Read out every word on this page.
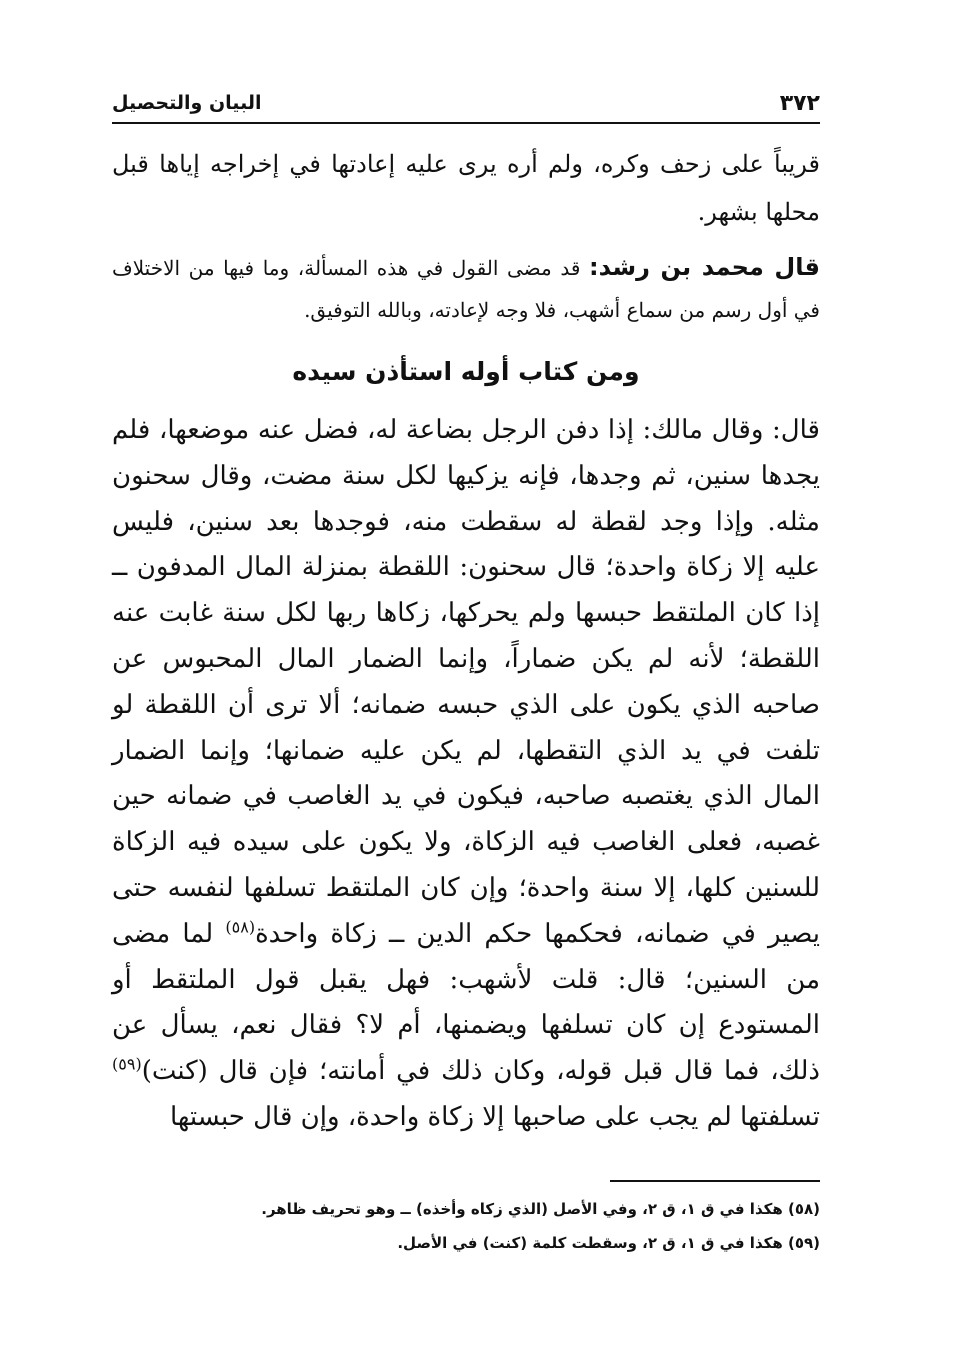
٣٧٢
البيان والتحصيل

قريباً على زحف وكره، ولم أره يرى عليه إعادتها في إخراجه إياها قبل محلها بشهر.

قال محمد بن رشد: قد مضى القول في هذه المسألة، وما فيها من الاختلاف في أول رسم من سماع أشهب، فلا وجه لإعادته، وبالله التوفيق.

ومن كتاب أوله استأذن سيده

قال: وقال مالك: إذا دفن الرجل بضاعة له، فضل عنه موضعها، فلم يجدها سنين، ثم وجدها، فإنه يزكيها لكل سنة مضت، وقال سحنون مثله. وإذا وجد لقطة له سقطت منه، فوجدها بعد سنين، فليس عليه إلا زكاة واحدة؛ قال سحنون: اللقطة بمنزلة المال المدفون ــ إذا كان الملتقط حبسها ولم يحركها، زكاها ربها لكل سنة غابت عنه اللقطة؛ لأنه لم يكن ضماراً، وإنما الضمار المال المحبوس عن صاحبه الذي يكون على الذي حبسه ضمانه؛ ألا ترى أن اللقطة لو تلفت في يد الذي التقطها، لم يكن عليه ضمانها؛ وإنما الضمار المال الذي يغتصبه صاحبه، فيكون في يد الغاصب في ضمانه حين غصبه، فعلى الغاصب فيه الزكاة، ولا يكون على سيده فيه الزكاة للسنين كلها، إلا سنة واحدة؛ وإن كان الملتقط تسلفها لنفسه حتى يصير في ضمانه، فحكمها حكم الدين ــ زكاة واحدة$^{(٥٨)}$ لما مضى من السنين؛ قال: قلت لأشهب: فهل يقبل قول الملتقط أو المستودع إن كان تسلفها ويضمنها، أم لا؟ فقال نعم، يسأل عن ذلك، فما قال قبل قوله، وكان ذلك في أمانته؛ فإن قال (كنت)$^{(٥٩)}$ تسلفتها لم يجب على صاحبها إلا زكاة واحدة، وإن قال حبستها

(٥٨) هكذا في ق ١، ق ٢، وفي الأصل (الذي زكاه وأخذه) ــ وهو تحريف ظاهر.
(٥٩) هكذا في ق ١، ق ٢، وسقطت كلمة (كنت) في الأصل.
